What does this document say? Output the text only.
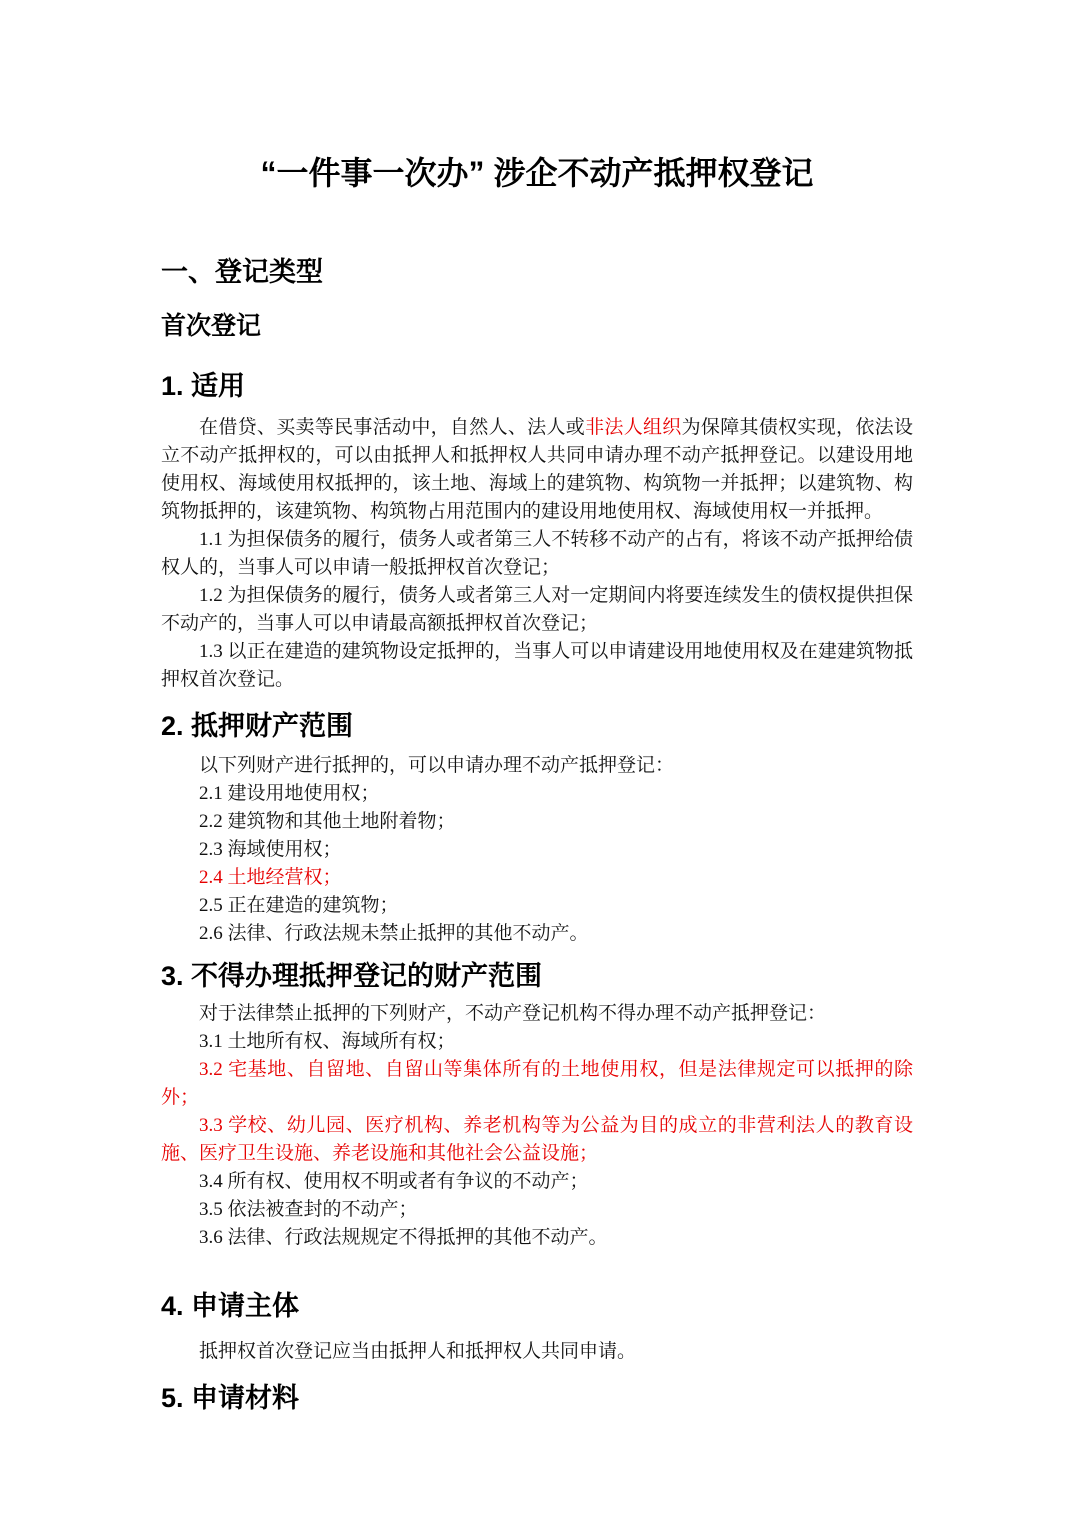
“一件事一次办” 涉企不动产抵押权登记
一、登记类型
首次登记
1. 适用

在借贷、买卖等民事活动中，自然人、法人或非法人组织为保障其债权实现，依法设立不动产抵押权的，可以由抵押人和抵押权人共同申请办理不动产抵押登记。以建设用地使用权、海域使用权抵押的，该土地、海域上的建筑物、构筑物一并抵押；以建筑物、构筑物抵押的，该建筑物、构筑物占用范围内的建设用地使用权、海域使用权一并抵押。

1.1 为担保债务的履行，债务人或者第三人不转移不动产的占有，将该不动产抵押给债权人的，当事人可以申请一般抵押权首次登记；

1.2 为担保债务的履行，债务人或者第三人对一定期间内将要连续发生的债权提供担保不动产的，当事人可以申请最高额抵押权首次登记；

1.3 以正在建造的建筑物设定抵押的，当事人可以申请建设用地使用权及在建建筑物抵押权首次登记。

2. 抵押财产范围

以下列财产进行抵押的，可以申请办理不动产抵押登记：

2.1 建设用地使用权；

2.2 建筑物和其他土地附着物；

2.3 海域使用权；

2.4 土地经营权；

2.5 正在建造的建筑物；

2.6 法律、行政法规未禁止抵押的其他不动产。

3. 不得办理抵押登记的财产范围

对于法律禁止抵押的下列财产，不动产登记机构不得办理不动产抵押登记：

3.1 土地所有权、海域所有权；

3.2 宅基地、自留地、自留山等集体所有的土地使用权，但是法律规定可以抵押的除外；

3.3 学校、幼儿园、医疗机构、养老机构等为公益为目的成立的非营利法人的教育设施、医疗卫生设施、养老设施和其他社会公益设施；

3.4 所有权、使用权不明或者有争议的不动产；

3.5 依法被查封的不动产；

3.6 法律、行政法规规定不得抵押的其他不动产。

4. 申请主体

抵押权首次登记应当由抵押人和抵押权人共同申请。

5. 申请材料
